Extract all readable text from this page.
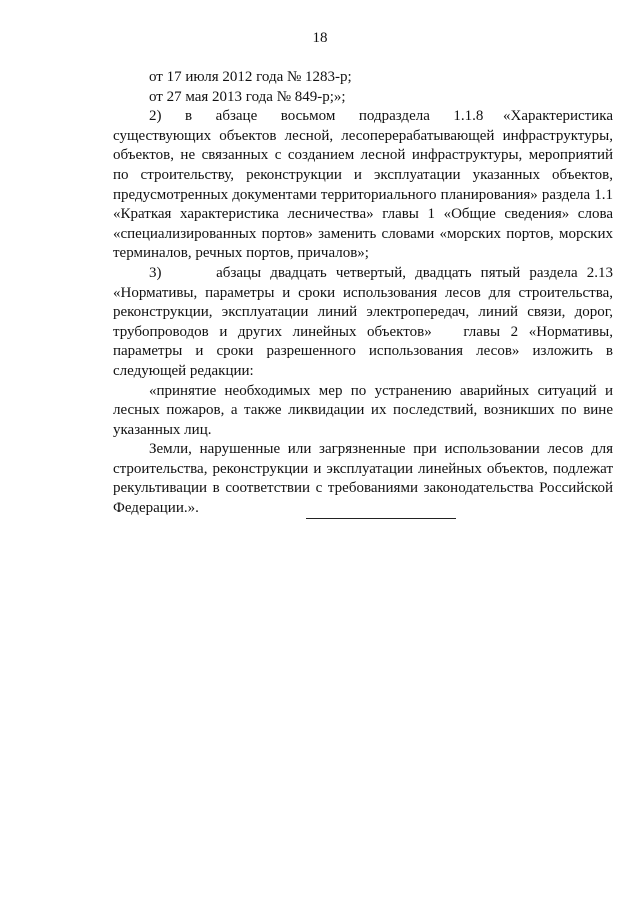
18

от 17 июля 2012 года № 1283-р;

от 27 мая 2013 года № 849-р;»;

2)      в      абзаце      восьмом      подраздела      1.1.8     «Характеристика существующих объектов лесной, лесоперерабатывающей инфраструктуры, объектов, не связанных с созданием лесной инфраструктуры, мероприятий по строительству, реконструкции и эксплуатации указанных объектов, предусмотренных документами территориального планирования» раздела 1.1 «Краткая характеристика лесничества» главы 1 «Общие сведения» слова «специализированных портов» заменить словами «морских портов, морских терминалов, речных портов, причалов»;

3)      абзацы двадцать четвертый, двадцать пятый раздела 2.13 «Нормативы, параметры и сроки использования лесов для строительства, реконструкции, эксплуатации линий электропередач, линий связи, дорог, трубопроводов и других линейных объектов»   главы 2 «Нормативы, параметры и сроки разрешенного использования лесов» изложить в следующей редакции:

«принятие необходимых мер по устранению аварийных ситуаций и лесных пожаров, а также ликвидации их последствий, возникших по вине указанных лиц.

Земли, нарушенные или загрязненные при использовании лесов для строительства, реконструкции и эксплуатации линейных объектов, подлежат рекультивации в соответствии с требованиями законодательства Российской Федерации.».
